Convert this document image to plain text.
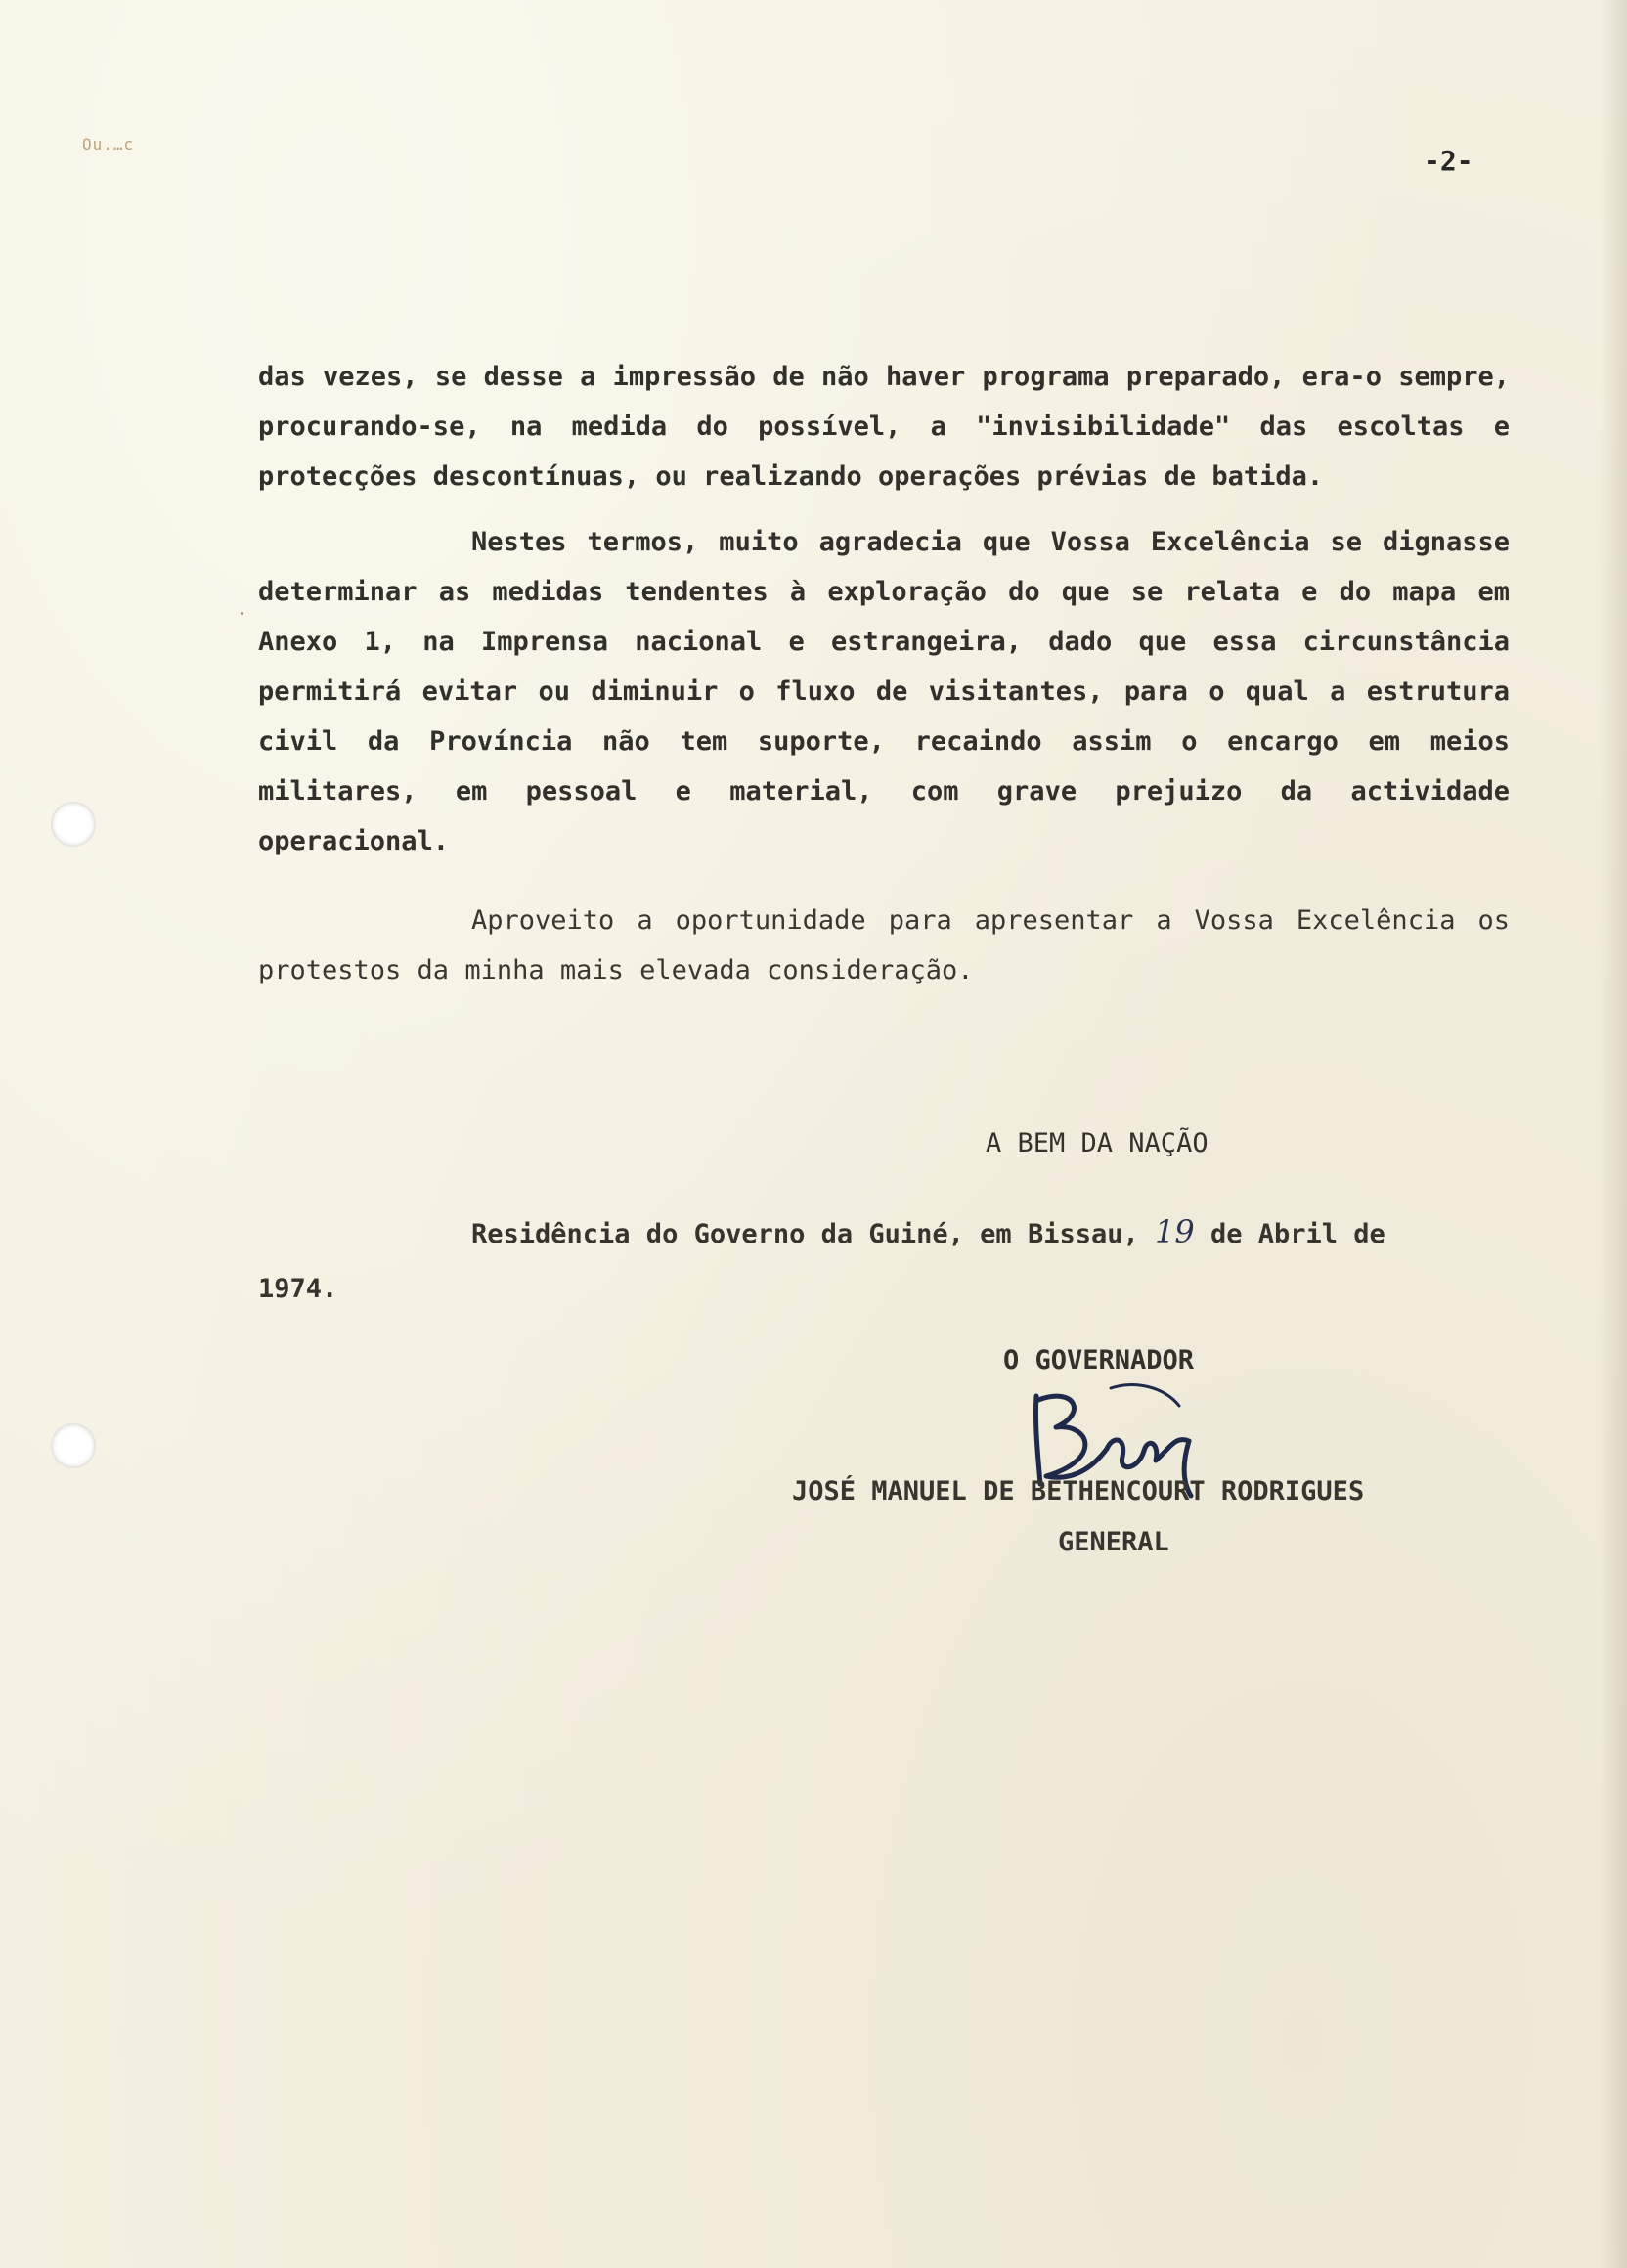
Ou.…c
-2-

das vezes, se desse a impressão de não haver programa preparado, era-o sempre, procurando-se, na medida do possível, a "invisibilidade" das escoltas e protecções descontínuas, ou realizando operações prévias de batida.

Nestes termos, muito agradecia que Vossa Excelência se dignasse determinar as medidas tendentes à exploração do que se relata e do mapa em Anexo 1, na Imprensa nacional e estrangeira, dado que essa circunstância permitirá evitar ou diminuir o fluxo de visitantes, para o qual a estrutura civil da Província não tem suporte, recaindo assim o encargo em meios militares, em pessoal e material, com grave prejuizo da actividade operacional.

Aproveito a oportunidade para apresentar a Vossa Excelência os protestos da minha mais elevada consideração.

A BEM DA NAÇÃO
Residência do Governo da Guiné, em Bissau, 19 de Abril de
1974.
O GOVERNADOR
JOSÉ MANUEL DE BETHENCOURT RODRIGUES
GENERAL
